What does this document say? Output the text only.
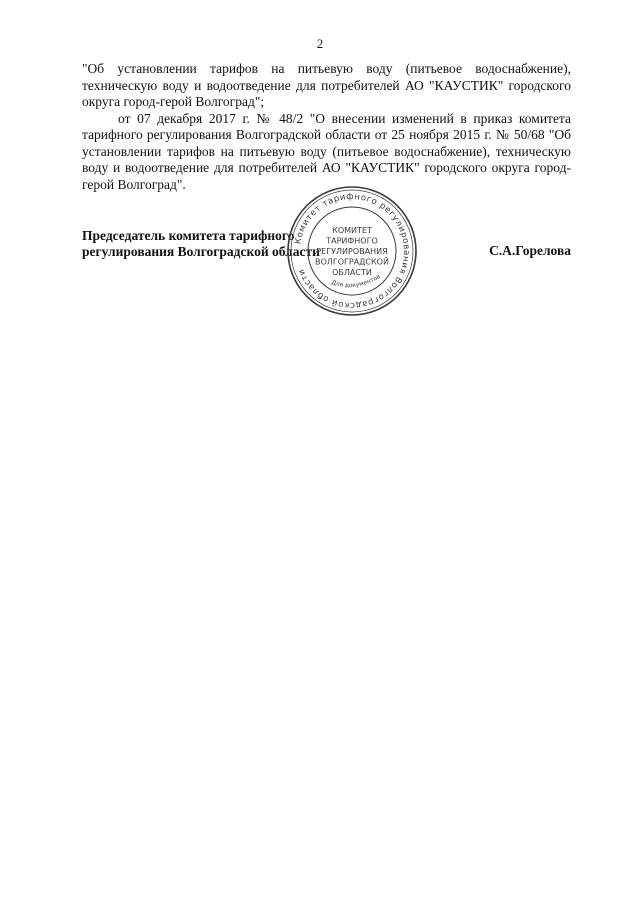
2

"Об установлении тарифов на питьевую воду (питьевое водоснабжение), техническую воду и водоотведение для потребителей АО "КАУСТИК" городского округа город-герой Волгоград";

от 07 декабря 2017 г. № 48/2 "О внесении изменений в приказ комитета тарифного регулирования Волгоградской области от 25 ноября 2015 г. № 50/68 "Об установлении тарифов на питьевую воду (питьевое водоснабжение), техническую воду и водоотведение для потребителей АО "КАУСТИК" городского округа город-герой Волгоград".

Председатель комитета тарифного
регулирования Волгоградской области	С.А.Горелова
Комитет тарифного регулирования Волгоградской области
КОМИТЕТ ТАРИФНОГО РЕГУЛИРОВАНИЯ ВОЛГОГРАДСКОЙ ОБЛАСТИ
Для документов
